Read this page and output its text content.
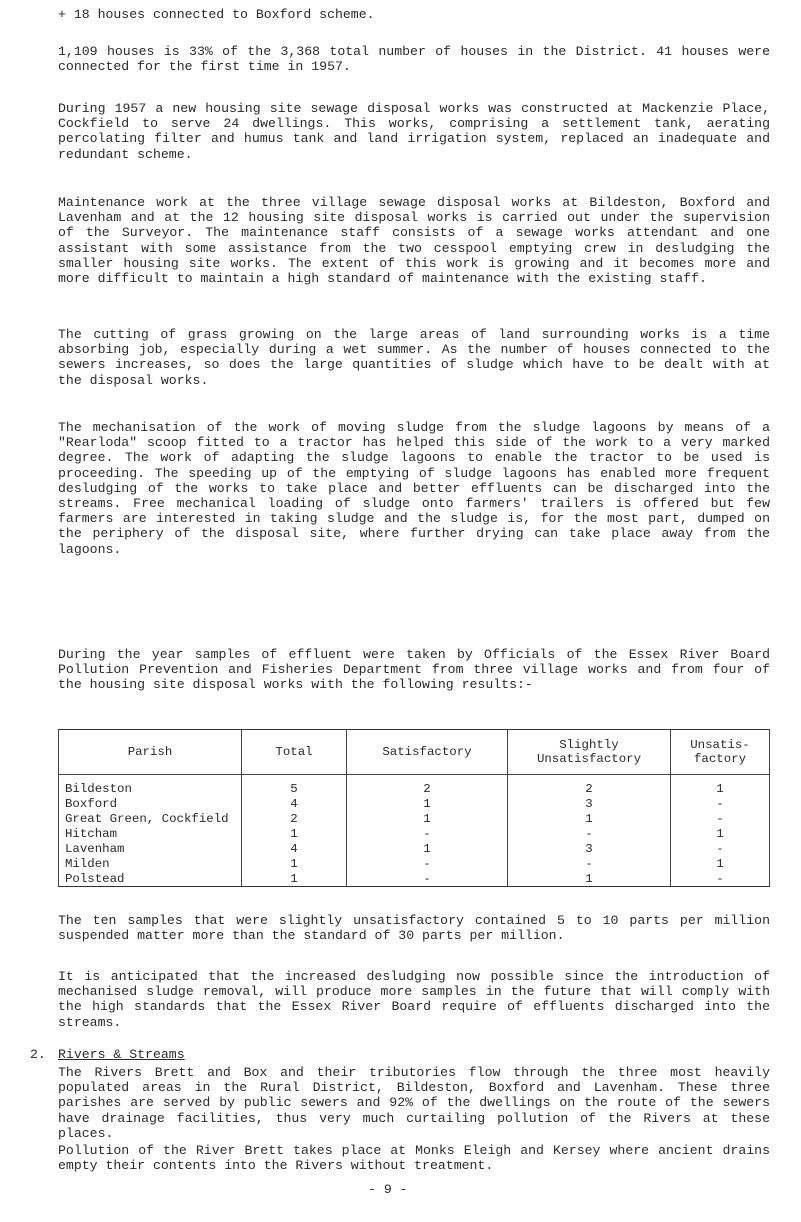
+ 18 houses connected to Boxford scheme.

1,109 houses is 33% of the 3,368 total number of houses in the District. 41 houses were connected for the first time in 1957.

During 1957 a new housing site sewage disposal works was constructed at Mackenzie Place, Cockfield to serve 24 dwellings. This works, comprising a settlement tank, aerating percolating filter and humus tank and land irrigation system, replaced an inadequate and redundant scheme.

Maintenance work at the three village sewage disposal works at Bildeston, Boxford and Lavenham and at the 12 housing site disposal works is carried out under the supervision of the Surveyor. The maintenance staff consists of a sewage works attendant and one assistant with some assistance from the two cesspool emptying crew in desludging the smaller housing site works. The extent of this work is growing and it becomes more and more difficult to maintain a high standard of maintenance with the existing staff.

The cutting of grass growing on the large areas of land surrounding works is a time absorbing job, especially during a wet summer. As the number of houses connected to the sewers increases, so does the large quantities of sludge which have to be dealt with at the disposal works.

The mechanisation of the work of moving sludge from the sludge lagoons by means of a "Rearloda" scoop fitted to a tractor has helped this side of the work to a very marked degree. The work of adapting the sludge lagoons to enable the tractor to be used is proceeding. The speeding up of the emptying of sludge lagoons has enabled more frequent desludging of the works to take place and better effluents can be discharged into the streams. Free mechanical loading of sludge onto farmers' trailers is offered but few farmers are interested in taking sludge and the sludge is, for the most part, dumped on the periphery of the disposal site, where further drying can take place away from the lagoons.

During the year samples of effluent were taken by Officials of the Essex River Board Pollution Prevention and Fisheries Department from three village works and from four of the housing site disposal works with the following results:-

Parish	Total	Satisfactory	Slightly Unsatisfactory	Unsatis- factory
Bildeston	5	2	2	1
Boxford	4	1	3	-
Great Green, Cockfield	2	1	1	-
Hitcham	1	-	-	1
Lavenham	4	1	3	-
Milden	1	-	-	1
Polstead	1	-	1	-

The ten samples that were slightly unsatisfactory contained 5 to 10 parts per million suspended matter more than the standard of 30 parts per million.

It is anticipated that the increased desludging now possible since the introduction of mechanised sludge removal, will produce more samples in the future that will comply with the high standards that the Essex River Board require of effluents discharged into the streams.

2. Rivers & Streams

The Rivers Brett and Box and their tributories flow through the three most heavily populated areas in the Rural District, Bildeston, Boxford and Lavenham. These three parishes are served by public sewers and 92% of the dwellings on the route of the sewers have drainage facilities, thus very much curtailing pollution of the Rivers at these places.

Pollution of the River Brett takes place at Monks Eleigh and Kersey where ancient drains empty their contents into the Rivers without treatment.

- 9 -
